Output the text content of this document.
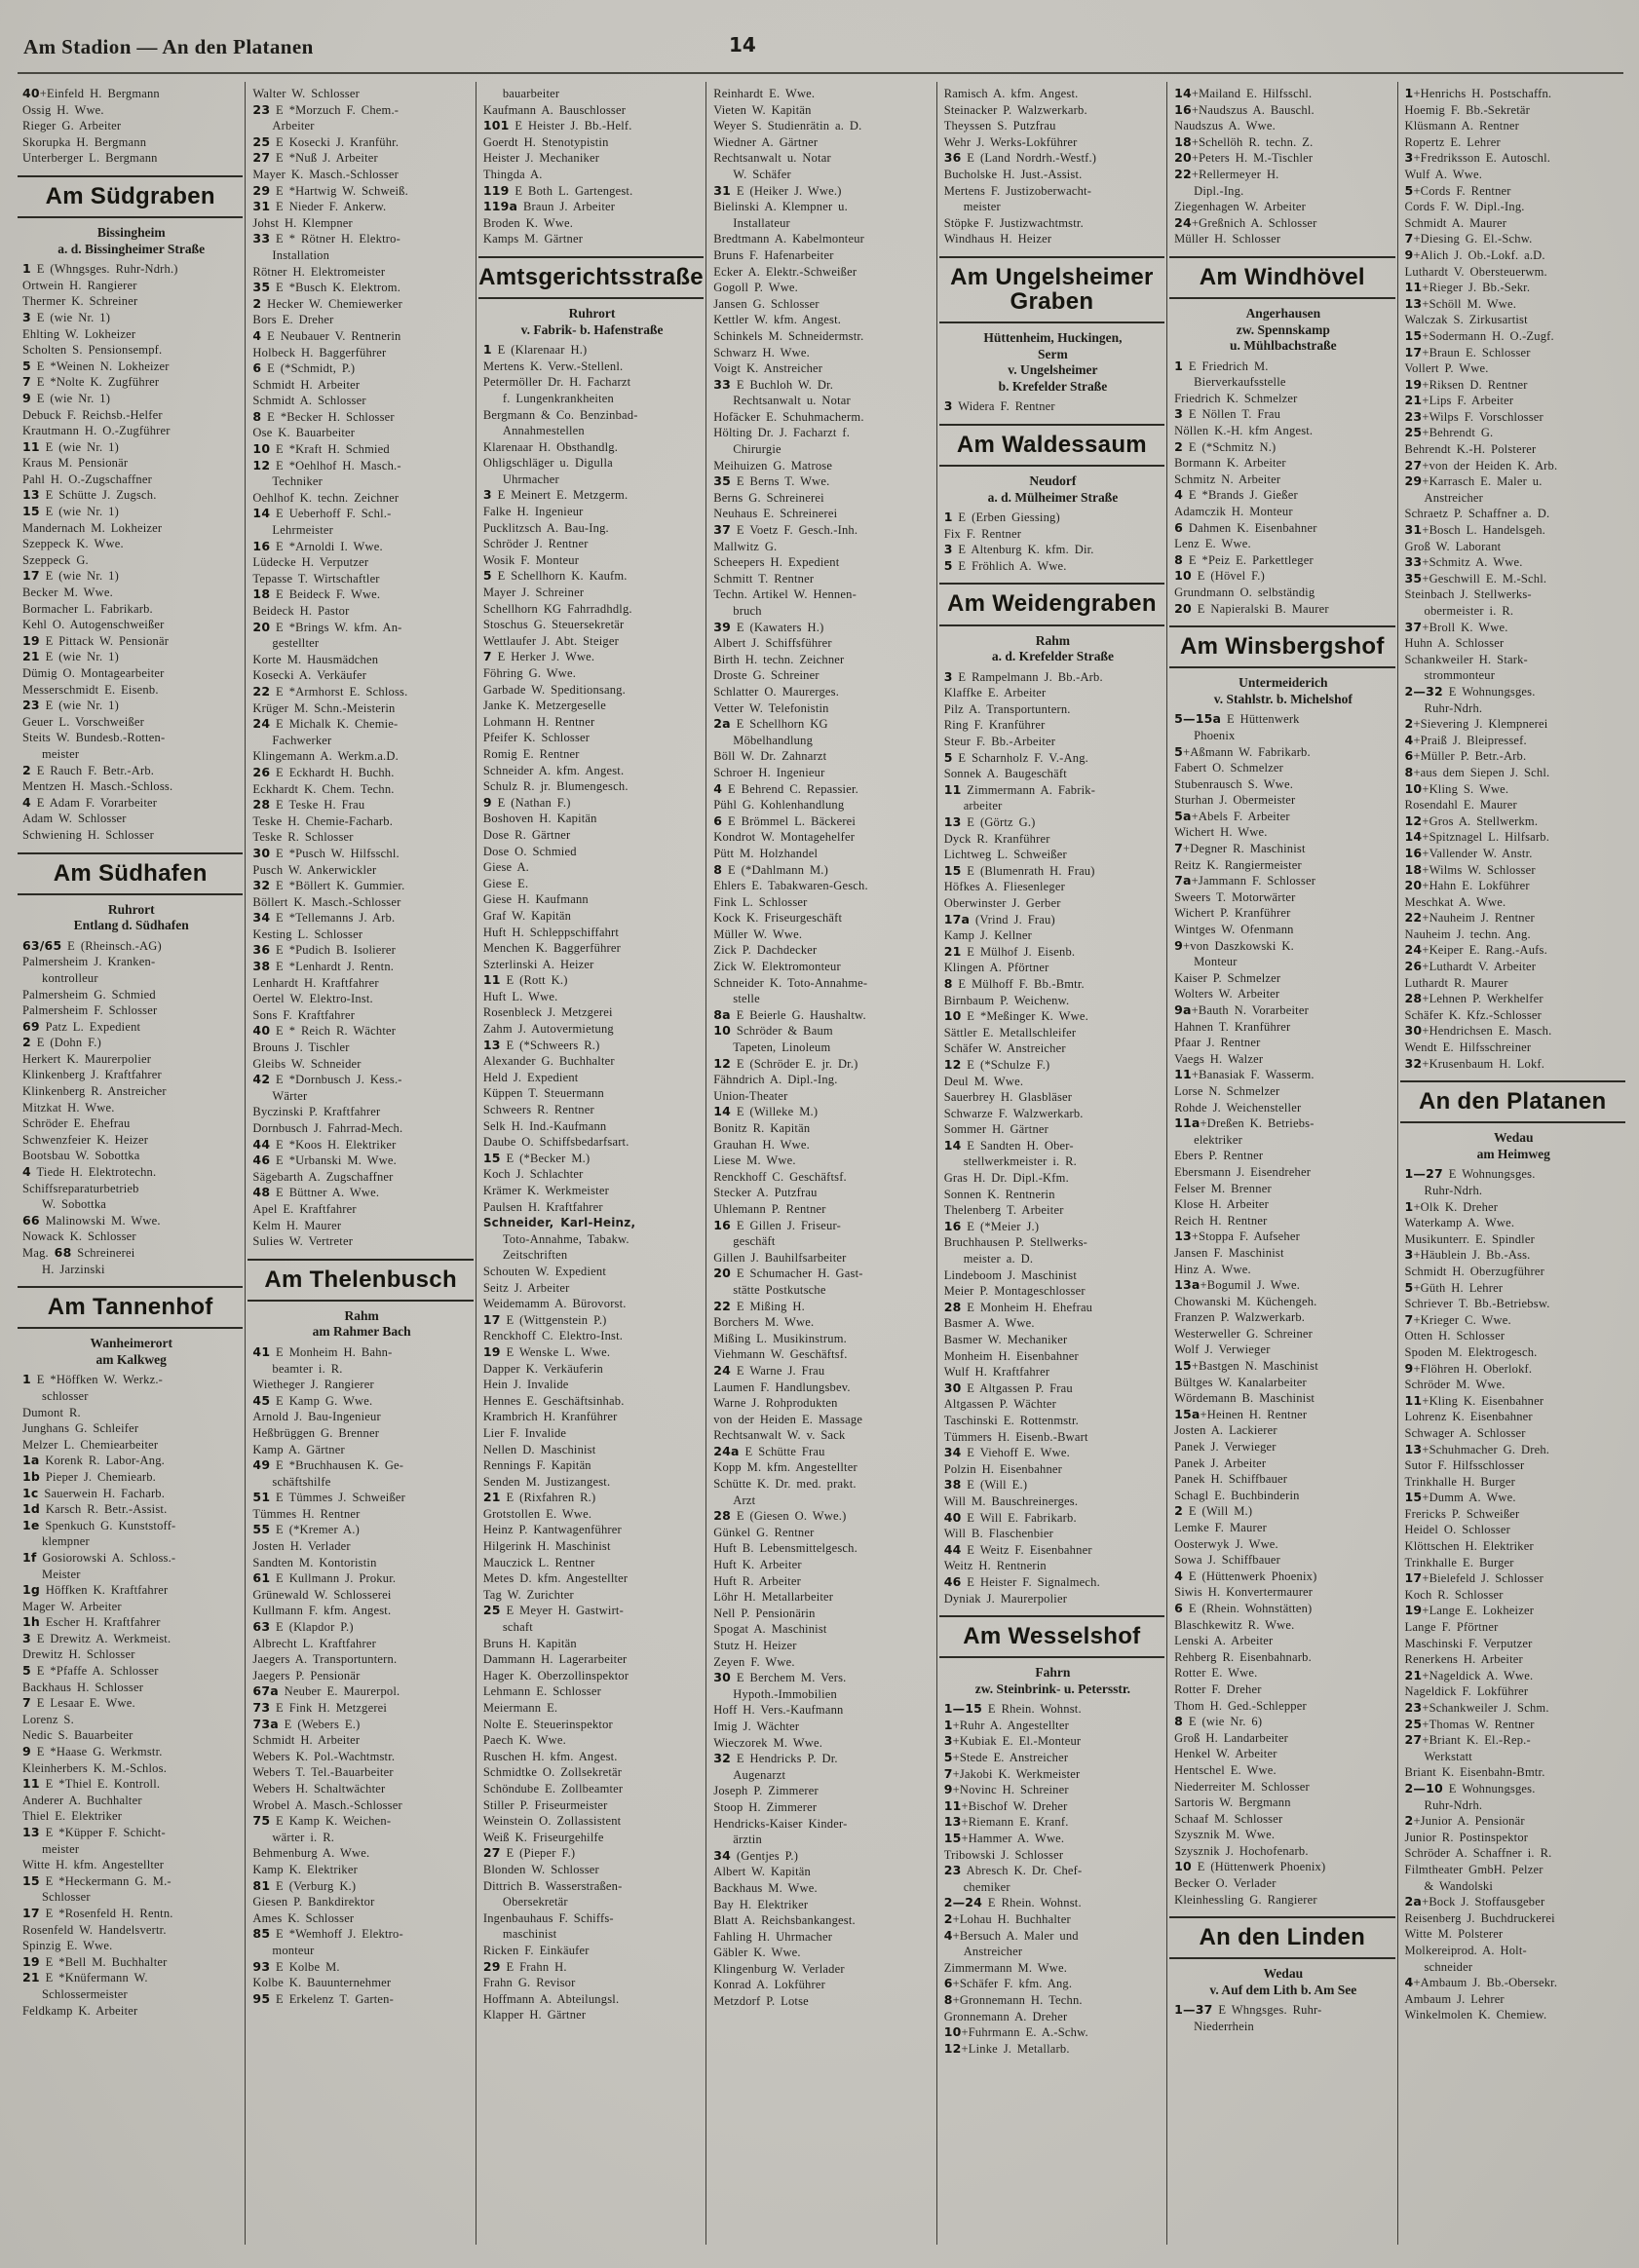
Am Stadion — An den Platanen	14
40+Einfeld H. Bergmann
Ossig H. Wwe.
Rieger G. Arbeiter
Skorupka H. Bergmann
Unterberger L. Bergmann
Am Südgraben
Bissingheim
a. d. Bissingheimer Straße
1 E (Whngsges. Ruhr-Ndrh.)
Ortwein H. Rangierer
Thermer K. Schreiner
3 E (wie Nr. 1)
Ehlting W. Lokheizer
Scholten S. Pensionsempf.
5 E *Weinen N. Lokheizer
7 E *Nolte K. Zugführer
9 E (wie Nr. 1)
Debuck F. Reichsb.-Helfer
Krautmann H. O.-Zugführer
11 E (wie Nr. 1)
Kraus M. Pensionär
Pahl H. O.-Zugschaffner
13 E Schütte J. Zugsch.
15 E (wie Nr. 1)
Mandernach M. Lokheizer
Szeppeck K. Wwe.
Szeppeck G.
17 E (wie Nr. 1)
Becker M. Wwe.
Bormacher L. Fabrikarb.
Kehl O. Autogenschweißer
19 E Pittack W. Pensionär
21 E (wie Nr. 1)
Dümig O. Montagearbeiter
Messerschmidt E. Eisenb.
23 E (wie Nr. 1)
Geuer L. Vorschweißer
Steits W. Bundesb.-Rotten-
meister
2 E Rauch F. Betr.-Arb.
Mentzen H. Masch.-Schloss.
4 E Adam F. Vorarbeiter
Adam W. Schlosser
Schwiening H. Schlosser
Am Südhafen
Ruhrort
Entlang d. Südhafen
63/65 E (Rheinsch.-AG)
Palmersheim J. Kranken-
kontrolleur
Palmersheim G. Schmied
Palmersheim F. Schlosser
69 Patz L. Expedient
2 E (Dohn F.)
Herkert K. Maurerpolier
Klinkenberg J. Kraftfahrer
Klinkenberg R. Anstreicher
Mitzkat H. Wwe.
Schröder E. Ehefrau
Schwenzfeier K. Heizer
Bootsbau W. Sobottka
4 Tiede H. Elektrotechn.
Schiffsreparaturbetrieb
W. Sobottka
66 Malinowski M. Wwe.
Nowack K. Schlosser
Mag. 68 Schreinerei
H. Jarzinski
Am Tannenhof
Wanheimerort
am Kalkweg
1 E *Höffken W. Werkz.-
schlosser
Dumont R.
Junghans G. Schleifer
Melzer L. Chemiearbeiter
1a Korenk R. Labor-Ang.
1b Pieper J. Chemiearb.
1c Sauerwein H. Facharb.
1d Karsch R. Betr.-Assist.
1e Spenkuch G. Kunststoff-
klempner
1f Gosiorowski A. Schloss.-
Meister
1g Höffken K. Kraftfahrer
Mager W. Arbeiter
1h Escher H. Kraftfahrer
3 E Drewitz A. Werkmeist.
Drewitz H. Schlosser
5 E *Pfaffe A. Schlosser
Backhaus H. Schlosser
7 E Lesaar E. Wwe.
Lorenz S.
Nedic S. Bauarbeiter
9 E *Haase G. Werkmstr.
Kleinherbers K. M.-Schlos.
11 E *Thiel E. Kontroll.
Anderer A. Buchhalter
Thiel E. Elektriker
13 E *Küpper F. Schicht-
meister
Witte H. kfm. Angestellter
15 E *Heckermann G. M.-
Schlosser
17 E *Rosenfeld H. Rentn.
Rosenfeld W. Handelsvertr.
Spinzig E. Wwe.
19 E *Bell M. Buchhalter
21 E *Knüfermann W.
Schlossermeister
Feldkamp K. Arbeiter
Walter W. Schlosser
23 E *Morzuch F. Chem.-
Arbeiter
25 E Kosecki J. Kranführ.
27 E *Nuß J. Arbeiter
Mayer K. Masch.-Schlosser
29 E *Hartwig W. Schweiß.
31 E Nieder F. Ankerw.
Johst H. Klempner
33 E * Rötner H. Elektro-
Installation
Rötner H. Elektromeister
35 E *Busch K. Elektrom.
2 Hecker W. Chemiewerker
Bors E. Dreher
4 E Neubauer V. Rentnerin
Holbeck H. Baggerführer
6 E (*Schmidt, P.)
Schmidt H. Arbeiter
Schmidt A. Schlosser
8 E *Becker H. Schlosser
Ose K. Bauarbeiter
10 E *Kraft H. Schmied
12 E *Oehlhof H. Masch.-
Techniker
Oehlhof K. techn. Zeichner
14 E Ueberhoff F. Schl.-
Lehrmeister
16 E *Arnoldi I. Wwe.
Lüdecke H. Verputzer
Tepasse T. Wirtschaftler
18 E Beideck F. Wwe.
Beideck H. Pastor
20 E *Brings W. kfm. An-
gestellter
Korte M. Hausmädchen
Kosecki A. Verkäufer
22 E *Armhorst E. Schloss.
Krüger M. Schn.-Meisterin
24 E Michalk K. Chemie-
Fachwerker
Klingemann A. Werkm.a.D.
26 E Eckhardt H. Buchh.
Eckhardt K. Chem. Techn.
28 E Teske H. Frau
Teske H. Chemie-Facharb.
Teske R. Schlosser
30 E *Pusch W. Hilfsschl.
Pusch W. Ankerwickler
32 E *Böllert K. Gummier.
Böllert K. Masch.-Schlosser
34 E *Tellemanns J. Arb.
Kesting L. Schlosser
36 E *Pudich B. Isolierer
38 E *Lenhardt J. Rentn.
Lenhardt H. Kraftfahrer
Oertel W. Elektro-Inst.
Sons F. Kraftfahrer
40 E * Reich R. Wächter
Brouns J. Tischler
Gleibs W. Schneider
42 E *Dornbusch J. Kess.-
Wärter
Byczinski P. Kraftfahrer
Dornbusch J. Fahrrad-Mech.
44 E *Koos H. Elektriker
46 E *Urbanski M. Wwe.
Sägebarth A. Zugschaffner
48 E Büttner A. Wwe.
Apel E. Kraftfahrer
Kelm H. Maurer
Sulies W. Vertreter
Am Thelenbusch
Rahm
am Rahmer Bach
41 E Monheim H. Bahn-
beamter i. R.
Wietheger J. Rangierer
45 E Kamp G. Wwe.
Arnold J. Bau-Ingenieur
Heßbrüggen G. Brenner
Kamp A. Gärtner
49 E *Bruchhausen K. Ge-
schäftshilfe
51 E Tümmes J. Schweißer
Tümmes H. Rentner
55 E (*Kremer A.)
Josten H. Verlader
Sandten M. Kontoristin
61 E Kullmann J. Prokur.
Grünewald W. Schlosserei
Kullmann F. kfm. Angest.
63 E (Klapdor P.)
Albrecht L. Kraftfahrer
Jaegers A. Transportuntern.
Jaegers P. Pensionär
67a Neuber E. Maurerpol.
73 E Fink H. Metzgerei
73a E (Webers E.)
Schmidt H. Arbeiter
Webers K. Pol.-Wachtmstr.
Webers T. Tel.-Bauarbeiter
Webers H. Schaltwächter
Wrobel A. Masch.-Schlosser
75 E Kamp K. Weichen-
wärter i. R.
Behmenburg A. Wwe.
Kamp K. Elektriker
81 E (Verburg K.)
Giesen P. Bankdirektor
Ames K. Schlosser
85 E *Wemhoff J. Elektro-
monteur
93 E Kolbe M.
Kolbe K. Bauunternehmer
95 E Erkelenz T. Garten-
bauarbeiter
Kaufmann A. Bauschlosser
101 E Heister J. Bb.-Helf.
Goerdt H. Stenotypistin
Heister J. Mechaniker
Thingda A.
119 E Both L. Gartengest.
119a Braun J. Arbeiter
Broden K. Wwe.
Kamps M. Gärtner
Amtsgerichtsstraße
Ruhrort
v. Fabrik- b. Hafenstraße
1 E (Klarenaar H.)
Mertens K. Verw.-Stellenl.
Petermöller Dr. H. Facharzt
f. Lungenkrankheiten
Bergmann & Co. Benzinbad-
Annahmestellen
Klarenaar H. Obsthandlg.
Ohligschläger u. Digulla
Uhrmacher
3 E Meinert E. Metzgerm.
Falke H. Ingenieur
Pucklitzsch A. Bau-Ing.
Schröder J. Rentner
Wosik F. Monteur
5 E Schellhorn K. Kaufm.
Mayer J. Schreiner
Schellhorn KG Fahrradhdlg.
Stoschus G. Steuersekretär
Wettlaufer J. Abt. Steiger
7 E Herker J. Wwe.
Föhring G. Wwe.
Garbade W. Speditionsang.
Janke K. Metzergeselle
Lohmann H. Rentner
Pfeifer K. Schlosser
Romig E. Rentner
Schneider A. kfm. Angest.
Schulz R. jr. Blumengesch.
9 E (Nathan F.)
Boshoven H. Kapitän
Dose R. Gärtner
Dose O. Schmied
Giese A.
Giese E.
Giese H. Kaufmann
Graf W. Kapitän
Huft H. Schleppschiffahrt
Menchen K. Baggerführer
Szterlinski A. Heizer
11 E (Rott K.)
Huft L. Wwe.
Rosenbleck J. Metzgerei
Zahm J. Autovermietung
13 E (*Schweers R.)
Alexander G. Buchhalter
Held J. Expedient
Küppen T. Steuermann
Schweers R. Rentner
Selk H. Ind.-Kaufmann
Daube O. Schiffsbedarfsart.
15 E (*Becker M.)
Koch J. Schlachter
Krämer K. Werkmeister
Paulsen H. Kraftfahrer
Schneider, Karl-Heinz,
Toto-Annahme, Tabakw.
Zeitschriften
Schouten W. Expedient
Seitz J. Arbeiter
Weidemamm A. Bürovorst.
17 E (Wittgenstein P.)
Renckhoff C. Elektro-Inst.
19 E Wenske L. Wwe.
Dapper K. Verkäuferin
Hein J. Invalide
Hennes E. Geschäftsinhab.
Krambrich H. Kranführer
Lier F. Invalide
Nellen D. Maschinist
Rennings F. Kapitän
Senden M. Justizangest.
21 E (Rixfahren R.)
Grotstollen E. Wwe.
Heinz P. Kantwagenführer
Hilgerink H. Maschinist
Mauczick L. Rentner
Metes D. kfm. Angestellter
Tag W. Zurichter
25 E Meyer H. Gastwirt-
schaft
Bruns H. Kapitän
Dammann H. Lagerarbeiter
Hager K. Oberzollinspektor
Lehmann E. Schlosser
Meiermann E.
Nolte E. Steuerinspektor
Paech K. Wwe.
Ruschen H. kfm. Angest.
Schmidtke O. Zollsekretär
Schöndube E. Zollbeamter
Stiller P. Friseurmeister
Weinstein O. Zollassistent
Weiß K. Friseurgehilfe
27 E (Pieper F.)
Blonden W. Schlosser
Dittrich B. Wasserstraßen-
Obersekretär
Ingenbauhaus F. Schiffs-
maschinist
Ricken F. Einkäufer
29 E Frahn H.
Frahn G. Revisor
Hoffmann A. Abteilungsl.
Klapper H. Gärtner
Reinhardt E. Wwe.
Vieten W. Kapitän
Weyer S. Studienrätin a. D.
Wiedner A. Gärtner
Rechtsanwalt u. Notar
W. Schäfer
31 E (Heiker J. Wwe.)
Bielinski A. Klempner u.
Installateur
Bredtmann A. Kabelmonteur
Bruns F. Hafenarbeiter
Ecker A. Elektr.-Schweißer
Gogoll P. Wwe.
Jansen G. Schlosser
Kettler W. kfm. Angest.
Schinkels M. Schneidermstr.
Schwarz H. Wwe.
Voigt K. Anstreicher
33 E Buchloh W. Dr.
Rechtsanwalt u. Notar
Hofäcker E. Schuhmacherm.
Hölting Dr. J. Facharzt f.
Chirurgie
Meihuizen G. Matrose
35 E Berns T. Wwe.
Berns G. Schreinerei
Neuhaus E. Schreinerei
37 E Voetz F. Gesch.-Inh.
Mallwitz G.
Scheepers H. Expedient
Schmitt T. Rentner
Techn. Artikel W. Hennen-
bruch
39 E (Kawaters H.)
Albert J. Schiffsführer
Birth H. techn. Zeichner
Droste G. Schreiner
Schlatter O. Maurerges.
Vetter W. Telefonistin
2a E Schellhorn KG
Möbelhandlung
Böll W. Dr. Zahnarzt
Schroer H. Ingenieur
4 E Behrend C. Repassier.
Pühl G. Kohlenhandlung
6 E Brömmel L. Bäckerei
Kondrot W. Montagehelfer
Pütt M. Holzhandel
8 E (*Dahlmann M.)
Ehlers E. Tabakwaren-Gesch.
Fink L. Schlosser
Kock K. Friseurgeschäft
Müller W. Wwe.
Zick P. Dachdecker
Zick W. Elektromonteur
Schneider K. Toto-Annahme-
stelle
8a E Beierle G. Haushaltw.
10 Schröder & Baum
Tapeten, Linoleum
12 E (Schröder E. jr. Dr.)
Fähndrich A. Dipl.-Ing.
Union-Theater
14 E (Willeke M.)
Bonitz R. Kapitän
Grauhan H. Wwe.
Liese M. Wwe.
Renckhoff C. Geschäftsf.
Stecker A. Putzfrau
Uhlemann P. Rentner
16 E Gillen J. Friseur-
geschäft
Gillen J. Bauhilfsarbeiter
20 E Schumacher H. Gast-
stätte Postkutsche
22 E Mißing H.
Borchers M. Wwe.
Mißing L. Musikinstrum.
Viehmann W. Geschäftsf.
24 E Warne J. Frau
Laumen F. Handlungsbev.
Warne J. Rohprodukten
von der Heiden E. Massage
Rechtsanwalt W. v. Sack
24a E Schütte Frau
Kopp M. kfm. Angestellter
Schütte K. Dr. med. prakt.
Arzt
28 E (Giesen O. Wwe.)
Günkel G. Rentner
Huft B. Lebensmittelgesch.
Huft K. Arbeiter
Huft R. Arbeiter
Löhr H. Metallarbeiter
Nell P. Pensionärin
Spogat A. Maschinist
Stutz H. Heizer
Zeyen F. Wwe.
30 E Berchem M. Vers.
Hypoth.-Immobilien
Hoff H. Vers.-Kaufmann
Imig J. Wächter
Wieczorek M. Wwe.
32 E Hendricks P. Dr.
Augenarzt
Joseph P. Zimmerer
Stoop H. Zimmerer
Hendricks-Kaiser Kinder-
ärztin
34 (Gentjes P.)
Albert W. Kapitän
Backhaus M. Wwe.
Bay H. Elektriker
Blatt A. Reichsbankangest.
Fahling H. Uhrmacher
Gäbler K. Wwe.
Klingenburg W. Verlader
Konrad A. Lokführer
Metzdorf P. Lotse
Ramisch A. kfm. Angest.
Steinacker P. Walzwerkarb.
Theyssen S. Putzfrau
Wehr J. Werks-Lokführer
36 E (Land Nordrh.-Westf.)
Bucholske H. Just.-Assist.
Mertens F. Justizoberwacht-
meister
Stöpke F. Justizwachtmstr.
Windhaus H. Heizer
Am Ungelsheimer Graben
Hüttenheim, Huckingen,
Serm
v. Ungelsheimer
b. Krefelder Straße
3 Widera F. Rentner
Am Waldessaum
Neudorf
a. d. Mülheimer Straße
1 E (Erben Giessing)
Fix F. Rentner
3 E Altenburg K. kfm. Dir.
5 E Fröhlich A. Wwe.
Am Weidengraben
Rahm
a. d. Krefelder Straße
3 E Rampelmann J. Bb.-Arb.
Klaffke E. Arbeiter
Pilz A. Transportuntern.
Ring F. Kranführer
Steur F. Bb.-Arbeiter
5 E Scharnholz F. V.-Ang.
Sonnek A. Baugeschäft
11 Zimmermann A. Fabrik-
arbeiter
13 E (Görtz G.)
Dyck R. Kranführer
Lichtweg L. Schweißer
15 E (Blumenrath H. Frau)
Höfkes A. Fliesenleger
Oberwinster J. Gerber
17a (Vrind J. Frau)
Kamp J. Kellner
21 E Mülhof J. Eisenb.
Klingen A. Pförtner
8 E Mülhoff F. Bb.-Bmtr.
Birnbaum P. Weichenw.
10 E *Meßinger K. Wwe.
Sättler E. Metallschleifer
Schäfer W. Anstreicher
12 E (*Schulze F.)
Deul M. Wwe.
Sauerbrey H. Glasbläser
Schwarze F. Walzwerkarb.
Sommer H. Gärtner
14 E Sandten H. Ober-
stellwerkmeister i. R.
Gras H. Dr. Dipl.-Kfm.
Sonnen K. Rentnerin
Thelenberg T. Arbeiter
16 E (*Meier J.)
Bruchhausen P. Stellwerks-
meister a. D.
Lindeboom J. Maschinist
Meier P. Montageschlosser
28 E Monheim H. Ehefrau
Basmer A. Wwe.
Basmer W. Mechaniker
Monheim H. Eisenbahner
Wulf H. Kraftfahrer
30 E Altgassen P. Frau
Altgassen P. Wächter
Taschinski E. Rottenmstr.
Tümmers H. Eisenb.-Bwart
34 E Viehoff E. Wwe.
Polzin H. Eisenbahner
38 E (Will E.)
Will M. Bauschreinerges.
40 E Will E. Fabrikarb.
Will B. Flaschenbier
44 E Weitz F. Eisenbahner
Weitz H. Rentnerin
46 E Heister F. Signalmech.
Dyniak J. Maurerpolier
Am Wesselshof
Fahrn
zw. Steinbrink- u. Petersstr.
1—15 E Rhein. Wohnst.
1+Ruhr A. Angestellter
3+Kubiak E. El.-Monteur
5+Stede E. Anstreicher
7+Jakobi K. Werkmeister
9+Novinc H. Schreiner
11+Bischof W. Dreher
13+Riemann E. Kranf.
15+Hammer A. Wwe.
Tribowski J. Schlosser
23 Abresch K. Dr. Chef-
chemiker
2—24 E Rhein. Wohnst.
2+Lohau H. Buchhalter
4+Bersuch A. Maler und
Anstreicher
Zimmermann M. Wwe.
6+Schäfer F. kfm. Ang.
8+Gronnemann H. Techn.
Gronnemann A. Dreher
10+Fuhrmann E. A.-Schw.
12+Linke J. Metallarb.
14+Mailand E. Hilfsschl.
16+Naudszus A. Bauschl.
Naudszus A. Wwe.
18+Schellöh R. techn. Z.
20+Peters H. M.-Tischler
22+Rellermeyer H.
Dipl.-Ing.
Ziegenhagen W. Arbeiter
24+Greßnich A. Schlosser
Müller H. Schlosser
Am Windhövel
Angerhausen
zw. Spennskamp
u. Mühlbachstraße
1 E Friedrich M.
Bierverkaufsstelle
Friedrich K. Schmelzer
3 E Nöllen T. Frau
Nöllen K.-H. kfm Angest.
2 E (*Schmitz N.)
Bormann K. Arbeiter
Schmitz N. Arbeiter
4 E *Brands J. Gießer
Adamczik H. Monteur
6 Dahmen K. Eisenbahner
Lenz E. Wwe.
8 E *Peiz E. Parkettleger
10 E (Hövel F.)
Grundmann O. selbständig
20 E Napieralski B. Maurer
Am Winsbergshof
Untermeiderich
v. Stahlstr. b. Michelshof
5—15a E Hüttenwerk
Phoenix
5+Aßmann W. Fabrikarb.
Fabert O. Schmelzer
Stubenrausch S. Wwe.
Sturhan J. Obermeister
5a+Abels F. Arbeiter
Wichert H. Wwe.
7+Degner R. Maschinist
Reitz K. Rangiermeister
7a+Jammann F. Schlosser
Sweers T. Motorwärter
Wichert P. Kranführer
Wintges W. Ofenmann
9+von Daszkowski K.
Monteur
Kaiser P. Schmelzer
Wolters W. Arbeiter
9a+Bauth N. Vorarbeiter
Hahnen T. Kranführer
Pfaar J. Rentner
Vaegs H. Walzer
11+Banasiak F. Wasserm.
Lorse N. Schmelzer
Rohde J. Weichensteller
11a+Dreßen K. Betriebs-
elektriker
Ebers P. Rentner
Ebersmann J. Eisendreher
Felser M. Brenner
Klose H. Arbeiter
Reich H. Rentner
13+Stoppa F. Aufseher
Jansen F. Maschinist
Hinz A. Wwe.
13a+Bogumil J. Wwe.
Chowanski M. Küchengeh.
Franzen P. Walzwerkarb.
Westerweller G. Schreiner
Wolf J. Verwieger
15+Bastgen N. Maschinist
Bültges W. Kanalarbeiter
Wördemann B. Maschinist
15a+Heinen H. Rentner
Josten A. Lackierer
Panek J. Verwieger
Panek J. Arbeiter
Panek H. Schiffbauer
Schagl E. Buchbinderin
2 E (Will M.)
Lemke F. Maurer
Oosterwyk J. Wwe.
Sowa J. Schiffbauer
4 E (Hüttenwerk Phoenix)
Siwis H. Konvertermaurer
6 E (Rhein. Wohnstätten)
Blaschkewitz R. Wwe.
Lenski A. Arbeiter
Rehberg R. Eisenbahnarb.
Rotter E. Wwe.
Rotter F. Dreher
Thom H. Ged.-Schlepper
8 E (wie Nr. 6)
Groß H. Landarbeiter
Henkel W. Arbeiter
Hentschel E. Wwe.
Niederreiter M. Schlosser
Sartoris W. Bergmann
Schaaf M. Schlosser
Szysznik M. Wwe.
Szysznik J. Hochofenarb.
10 E (Hüttenwerk Phoenix)
Becker O. Verlader
Kleinhessling G. Rangierer
An den Linden
Wedau
v. Auf dem Lith b. Am See
1—37 E Whngsges. Ruhr-
Niederrhein
1+Henrichs H. Postschaffn.
Hoemig F. Bb.-Sekretär
Klüsmann A. Rentner
Ropertz E. Lehrer
3+Fredriksson E. Autoschl.
Wulf A. Wwe.
5+Cords F. Rentner
Cords F. W. Dipl.-Ing.
Schmidt A. Maurer
7+Diesing G. El.-Schw.
9+Alich J. Ob.-Lokf. a.D.
Luthardt V. Obersteuerwm.
11+Rieger J. Bb.-Sekr.
13+Schöll M. Wwe.
Walczak S. Zirkusartist
15+Sodermann H. O.-Zugf.
17+Braun E. Schlosser
Vollert P. Wwe.
19+Riksen D. Rentner
21+Lips F. Arbeiter
23+Wilps F. Vorschlosser
25+Behrendt G.
Behrendt K.-H. Polsterer
27+von der Heiden K. Arb.
29+Karrasch E. Maler u.
Anstreicher
Schraetz P. Schaffner a. D.
31+Bosch L. Handelsgeh.
Groß W. Laborant
33+Schmitz A. Wwe.
35+Geschwill E. M.-Schl.
Steinbach J. Stellwerks-
obermeister i. R.
37+Broll K. Wwe.
Huhn A. Schlosser
Schankweiler H. Stark-
strommonteur
2—32 E Wohnungsges.
Ruhr-Ndrh.
2+Sievering J. Klempnerei
4+Praiß J. Bleipressef.
6+Müller P. Betr.-Arb.
8+aus dem Siepen J. Schl.
10+Kling S. Wwe.
Rosendahl E. Maurer
12+Gros A. Stellwerkm.
14+Spitznagel L. Hilfsarb.
16+Vallender W. Anstr.
18+Wilms W. Schlosser
20+Hahn E. Lokführer
Meschkat A. Wwe.
22+Nauheim J. Rentner
Nauheim J. techn. Ang.
24+Keiper E. Rang.-Aufs.
26+Luthardt V. Arbeiter
Luthardt R. Maurer
28+Lehnen P. Werkhelfer
Schäfer K. Kfz.-Schlosser
30+Hendrichsen E. Masch.
Wendt E. Hilfsschreiner
32+Krusenbaum H. Lokf.
An den Platanen
Wedau
am Heimweg
1—27 E Wohnungsges.
Ruhr-Ndrh.
1+Olk K. Dreher
Waterkamp A. Wwe.
Musikunterr. E. Spindler
3+Häublein J. Bb.-Ass.
Schmidt H. Oberzugführer
5+Güth H. Lehrer
Schriever T. Bb.-Betriebsw.
7+Krieger C. Wwe.
Otten H. Schlosser
Spoden M. Elektrogesch.
9+Flöhren H. Oberlokf.
Schröder M. Wwe.
11+Kling K. Eisenbahner
Lohrenz K. Eisenbahner
Schwager A. Schlosser
13+Schuhmacher G. Dreh.
Sutor F. Hilfsschlosser
Trinkhalle H. Burger
15+Dumm A. Wwe.
Frericks P. Schweißer
Heidel O. Schlosser
Klöttschen H. Elektriker
Trinkhalle E. Burger
17+Bielefeld J. Schlosser
Koch R. Schlosser
19+Lange E. Lokheizer
Lange F. Pförtner
Maschinski F. Verputzer
Renerkens H. Arbeiter
21+Nageldick A. Wwe.
Nageldick F. Lokführer
23+Schankweiler J. Schm.
25+Thomas W. Rentner
27+Briant K. El.-Rep.-
Werkstatt
Briant K. Eisenbahn-Bmtr.
2—10 E Wohnungsges.
Ruhr-Ndrh.
2+Junior A. Pensionär
Junior R. Postinspektor
Schröder A. Schaffner i. R.
Filmtheater GmbH. Pelzer
& Wandolski
2a+Bock J. Stoffausgeber
Reisenberg J. Buchdruckerei
Witte M. Polsterer
Molkereiprod. A. Holt-
schneider
4+Ambaum J. Bb.-Obersekr.
Ambaum J. Lehrer
Winkelmolen K. Chemiew.
